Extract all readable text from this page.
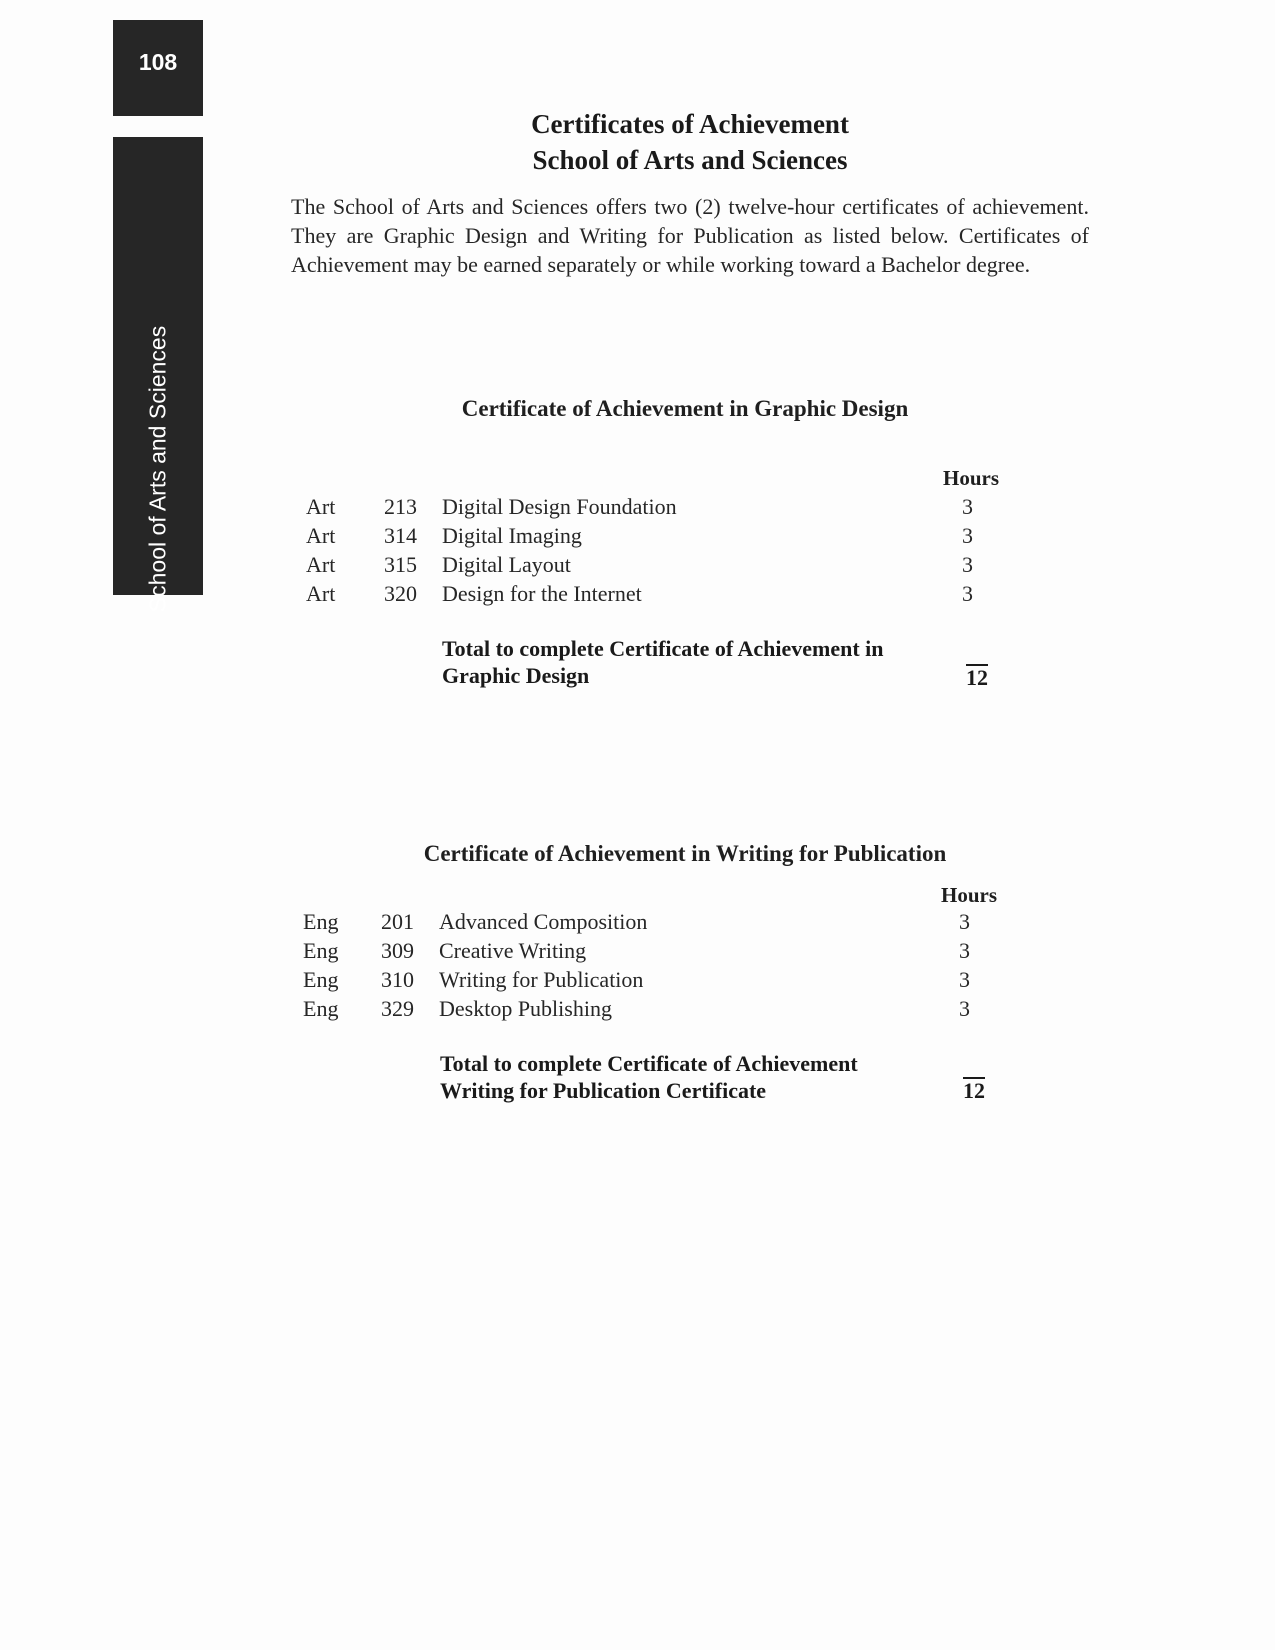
108
School of Arts and Sciences
Certificates of Achievement
School of Arts and Sciences

The School of Arts and Sciences offers two (2) twelve-hour certificates of achievement. They are Graphic Design and Writing for Publication as listed below. Certificates of Achievement may be earned separately or while working toward a Bachelor degree.

Certificate of Achievement in Graphic Design
Hours
Art 213 Digital Design Foundation	3
Art 314 Digital Imaging	3
Art 315 Digital Layout	3
Art 320 Design for the Internet	3
Total to complete Certificate of Achievement in
Graphic Design	12
Certificate of Achievement in Writing for Publication
Hours
Eng 201 Advanced Composition	3
Eng 309 Creative Writing	3
Eng 310 Writing for Publication	3
Eng 329 Desktop Publishing	3
Total to complete Certificate of Achievement
Writing for Publication Certificate	12
